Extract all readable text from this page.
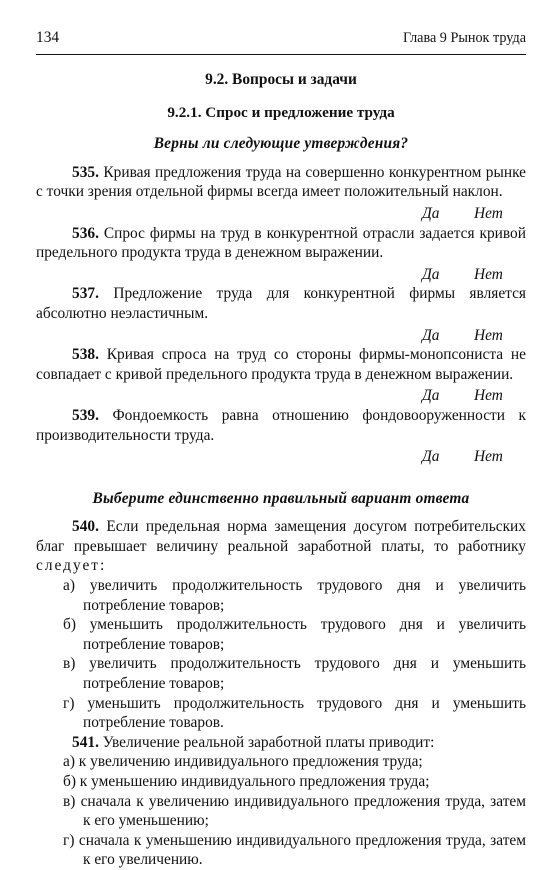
134	Глава 9 Рынок труда
9.2. Вопросы и задачи
9.2.1. Спрос и предложение труда
Верны ли следующие утверждения?

535. Кривая предложения труда на совершенно конкурентном рынке с точки зрения отдельной фирмы всегда имеет положительный наклон.

Да	Нет

536. Спрос фирмы на труд в конкурентной отрасли задается кривой предельного продукта труда в денежном выражении.

Да	Нет

537. Предложение труда для конкурентной фирмы является абсолютно неэластичным.

Да	Нет

538. Кривая спроса на труд со стороны фирмы-монопсониста не совпадает с кривой предельного продукта труда в денежном выражении.

Да	Нет

539. Фондоемкость равна отношению фондовооруженности к производительности труда.

Да	Нет
Выберите единственно правильный вариант ответа

540. Если предельная норма замещения досугом потребительских благ превышает величину реальной заработной платы, то работнику следует:

а) увеличить продолжительность трудового дня и увеличить потребление товаров;

б) уменьшить продолжительность трудового дня и увеличить потребление товаров;

в) увеличить продолжительность трудового дня и уменьшить потребление товаров;

г) уменьшить продолжительность трудового дня и уменьшить потребление товаров.

541. Увеличение реальной заработной платы приводит:

а) к увеличению индивидуального предложения труда;

б) к уменьшению индивидуального предложения труда;

в) сначала к увеличению индивидуального предложения труда, затем к его уменьшению;

г) сначала к уменьшению индивидуального предложения труда, затем к его увеличению.
